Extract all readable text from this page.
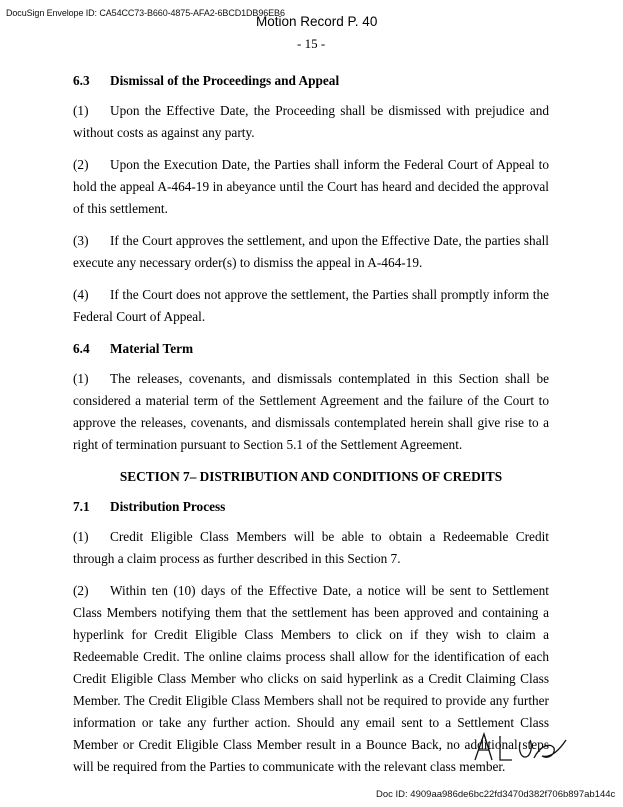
DocuSign Envelope ID: CA54CC73-B660-4875-AFA2-6BCD1DB96EB6
Motion Record P. 40
- 15 -
6.3	Dismissal of the Proceedings and Appeal

(1) Upon the Effective Date, the Proceeding shall be dismissed with prejudice and without costs as against any party.

(2) Upon the Execution Date, the Parties shall inform the Federal Court of Appeal to hold the appeal A-464-19 in abeyance until the Court has heard and decided the approval of this settlement.

(3) If the Court approves the settlement, and upon the Effective Date, the parties shall execute any necessary order(s) to dismiss the appeal in A-464-19.

(4) If the Court does not approve the settlement, the Parties shall promptly inform the Federal Court of Appeal.

6.4	Material Term

(1) The releases, covenants, and dismissals contemplated in this Section shall be considered a material term of the Settlement Agreement and the failure of the Court to approve the releases, covenants, and dismissals contemplated herein shall give rise to a right of termination pursuant to Section 5.1 of the Settlement Agreement.

SECTION 7– DISTRIBUTION AND CONDITIONS OF CREDITS
7.1	Distribution Process

(1) Credit Eligible Class Members will be able to obtain a Redeemable Credit through a claim process as further described in this Section 7.

(2) Within ten (10) days of the Effective Date, a notice will be sent to Settlement Class Members notifying them that the settlement has been approved and containing a hyperlink for Credit Eligible Class Members to click on if they wish to claim a Redeemable Credit. The online claims process shall allow for the identification of each Credit Eligible Class Member who clicks on said hyperlink as a Credit Claiming Class Member. The Credit Eligible Class Members shall not be required to provide any further information or take any further action. Should any email sent to a Settlement Class Member or Credit Eligible Class Member result in a Bounce Back, no additional steps will be required from the Parties to communicate with the relevant class member.

Doc ID: 4909aa986de6bc22fd3470d382f706b897ab144c
